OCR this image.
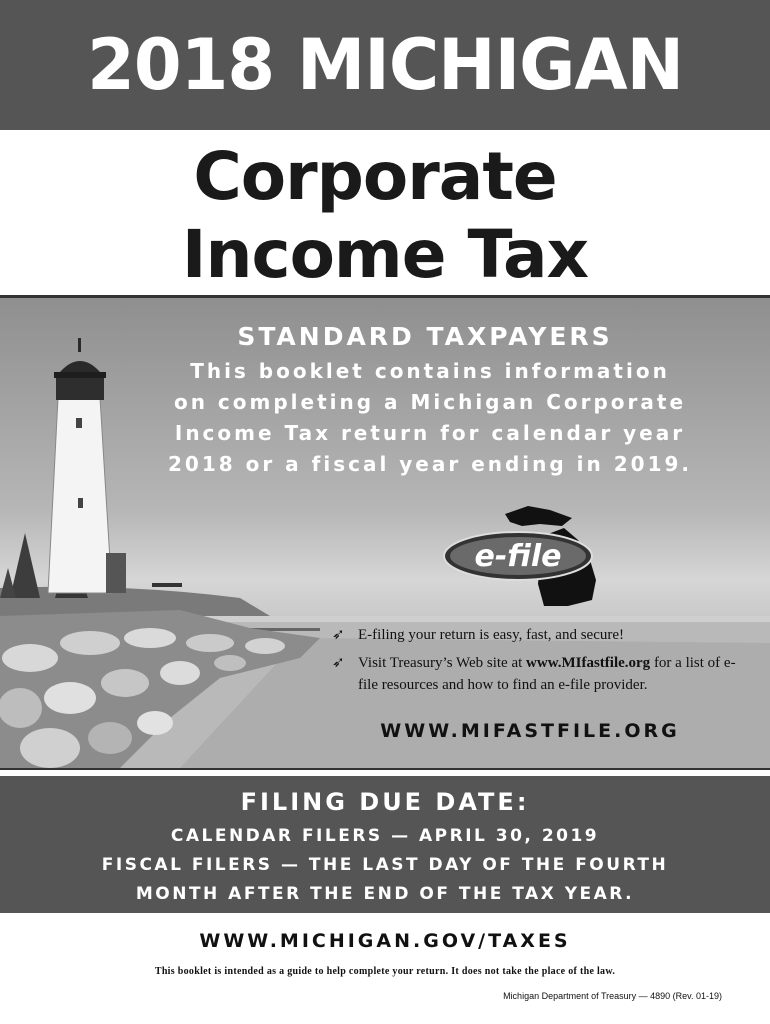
2018 MICHIGAN
Corporate
Income Tax
e-file
STANDARD TAXPAYERS
This booklet contains information
on completing a Michigan Corporate
Income Tax return for calendar year
2018 or a fiscal year ending in 2019.
➶ E-filing your return is easy, fast, and secure!
➶ Visit Treasury’s Web site at www.MIfastfile.org for a list of e-file resources and how to find an e-file provider.
WWW.MIFASTFILE.ORG
FILING DUE DATE:
CALENDAR FILERS — APRIL 30, 2019
FISCAL FILERS — THE LAST DAY OF THE FOURTH
MONTH AFTER THE END OF THE TAX YEAR.
WWW.MICHIGAN.GOV/TAXES
This booklet is intended as a guide to help complete your return. It does not take the place of the law.
Michigan Department of Treasury — 4890 (Rev. 01-19)
